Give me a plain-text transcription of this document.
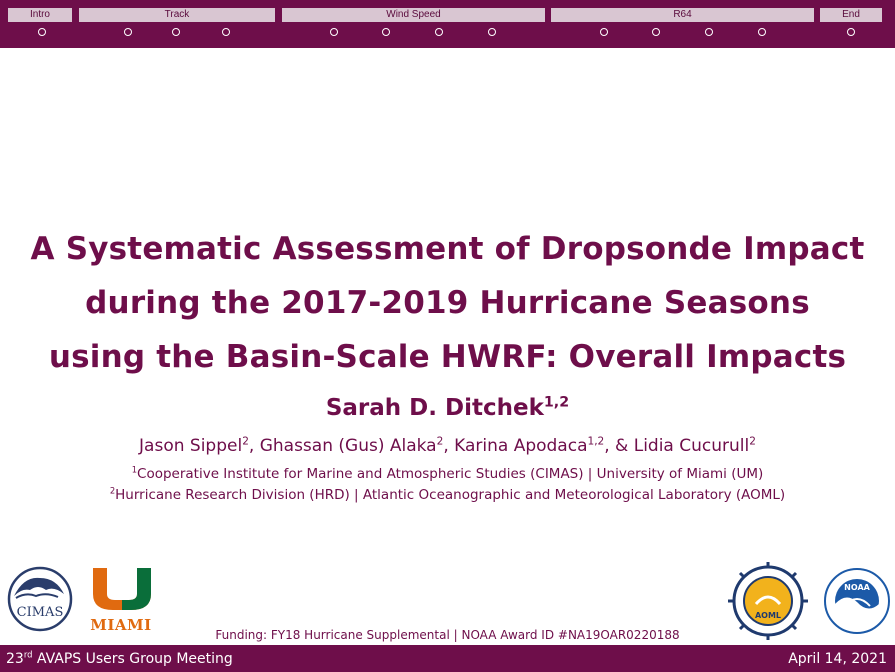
Intro	Track	Wind Speed	R64	End
A Systematic Assessment of Dropsonde Impact
during the 2017-2019 Hurricane Seasons
using the Basin-Scale HWRF: Overall Impacts
Sarah D. Ditchek$^{1,2}$
Jason Sippel$^2$, Ghassan (Gus) Alaka$^2$, Karina Apodaca$^{1,2}$, & Lidia Cucurull$^2$
$^1$Cooperative Institute for Marine and Atmospheric Studies (CIMAS) | University of Miami (UM)
$^2$Hurricane Research Division (HRD) | Atlantic Oceanographic and Meteorological Laboratory (AOML)
CIMAS
MIAMI
Funding: FY18 Hurricane Supplemental | NOAA Award ID #NA19OAR0220188
AOML
NOAA
23rd AVAPS Users Group Meeting	April 14, 2021
